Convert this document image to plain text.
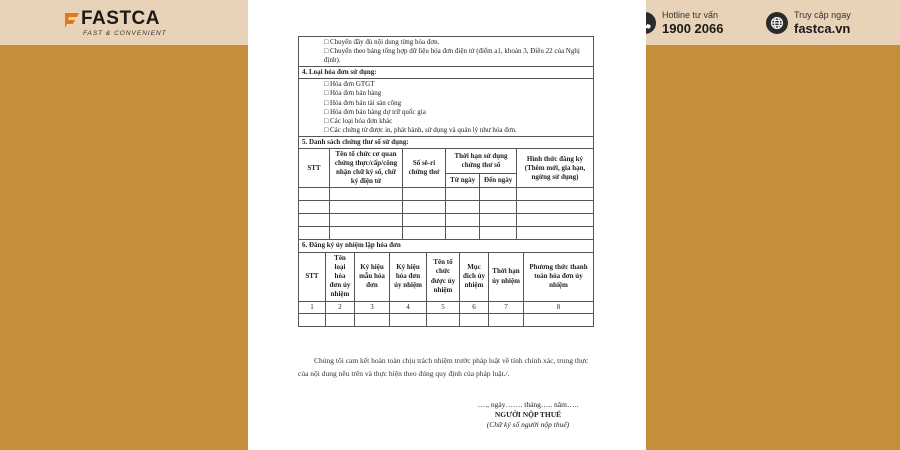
FASTCA
FAST & CONVENIENT
Hotline tư vấn
1900 2066
Truy cập ngay
fastca.vn
□ Chuyển đầy đủ nội dung từng hóa đơn.
□ Chuyển theo bảng tổng hợp dữ liệu hóa đơn điện tử (điểm a1, khoản 3, Điều 22 của Nghị định).

4. Loại hóa đơn sử dụng:

□ Hóa đơn GTGT
□ Hóa đơn bán hàng
□ Hóa đơn bán tài sản công
□ Hóa đơn bán hàng dự trữ quốc gia
□ Các loại hóa đơn khác
□ Các chứng từ được in, phát hành, sử dụng và quản lý như hóa đơn.

5. Danh sách chứng thư số sử dụng:
STT	Tên tổ chức cơ quan chứng thực/cấp/công nhận chữ ký số, chữ ký điện tử	Số sê-ri chứng thư	Thời hạn sử dụng chứng thư số		Hình thức đăng ký (Thêm mới, gia hạn, ngừng sử dụng)
			Từ ngày	Đến ngày	

6. Đăng ký ủy nhiệm lập hóa đơn					
STT	Tên loại hóa đơn ủy nhiệm	Ký hiệu mẫu hóa đơn	Ký hiệu hóa đơn ủy nhiệm	Tên tổ chức được ủy nhiệm	Mục đích ủy nhiệm	Thời hạn ủy nhiệm	Phương thức thanh toán hóa đơn ủy nhiệm
1	2	3	4	5	6	7	8

Chúng tôi cam kết hoàn toàn chịu trách nhiệm trước pháp luật về tính chính xác, trung thực của nội dung nêu trên và thực hiện theo đúng quy định của pháp luật./.
…., ngày……. tháng….. năm…..
NGƯỜI NỘP THUẾ
(Chữ ký số người nộp thuế)
